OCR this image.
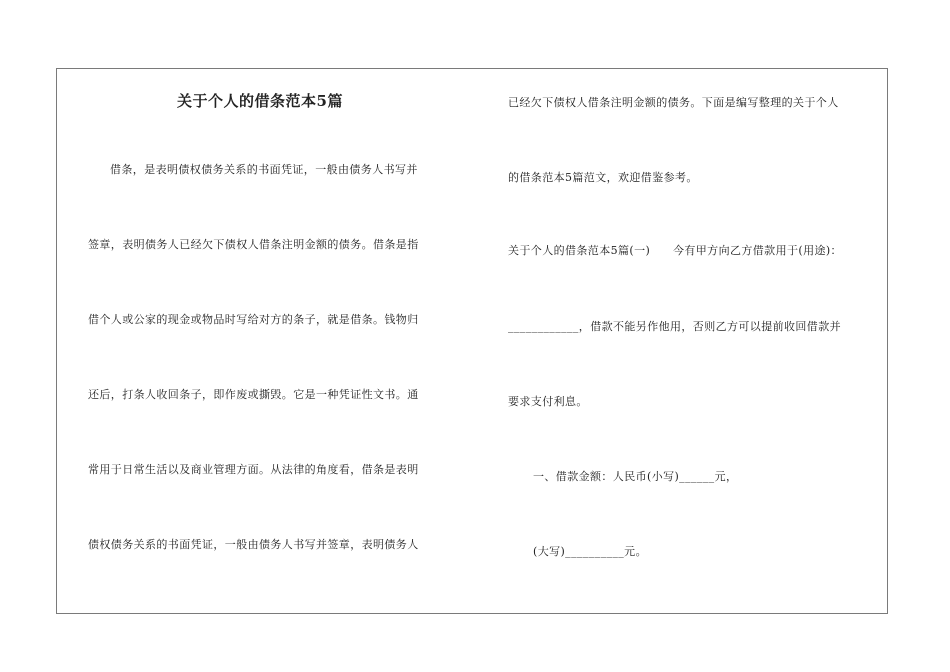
关于个人的借条范本5篇
借条，是表明债权债务关系的书面凭证，一般由债务人书写并
签章，表明债务人已经欠下债权人借条注明金额的债务。借条是指
借个人或公家的现金或物品时写给对方的条子，就是借条。钱物归
还后，打条人收回条子，即作废或撕毁。它是一种凭证性文书。通
常用于日常生活以及商业管理方面。从法律的角度看，借条是表明
债权债务关系的书面凭证，一般由债务人书写并签章，表明债务人
已经欠下债权人借条注明金额的债务。下面是编写整理的关于个人
的借条范本5篇范文，欢迎借鉴参考。
关于个人的借条范本5篇(一)　　今有甲方向乙方借款用于(用途)：
____________，借款不能另作他用，否则乙方可以提前收回借款并
要求支付利息。
一、借款金额：人民币(小写)______元，
(大写)__________元。
